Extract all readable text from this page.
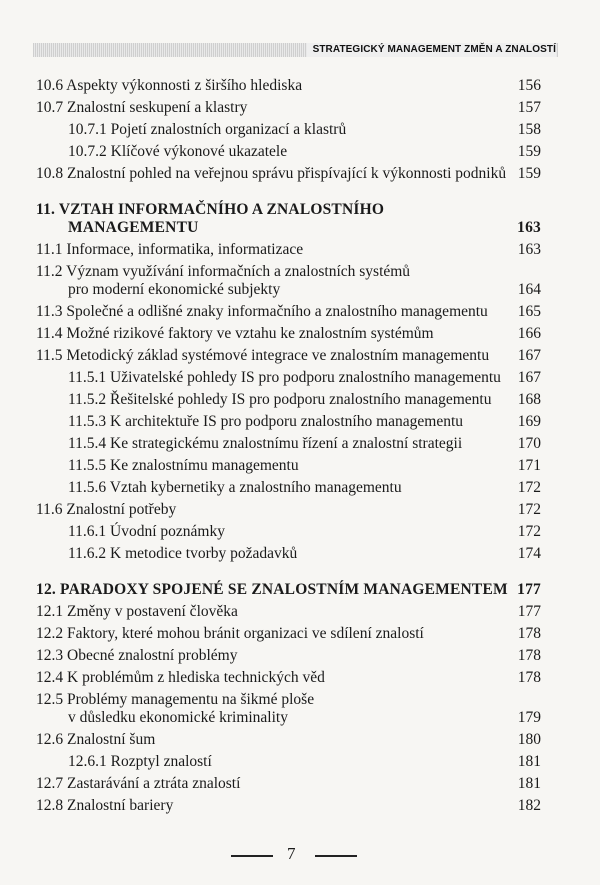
STRATEGICKÝ MANAGEMENT ZMĚN A ZNALOSTÍ
10.6 Aspekty výkonnosti z širšího hlediska	156
10.7 Znalostní seskupení a klastry	157
10.7.1 Pojetí znalostních organizací a klastrů	158
10.7.2 Klíčové výkonové ukazatele	159
10.8 Znalostní pohled na veřejnou správu přispívající k výkonnosti podniků 159
11. VZTAH INFORMAČNÍHO A ZNALOSTNÍHO
MANAGEMENTU	163
11.1 Informace, informatika, informatizace	163
11.2 Význam využívání informačních a znalostních systémů
pro moderní ekonomické subjekty	164
11.3 Společné a odlišné znaky informačního a znalostního managementu 165
11.4 Možné rizikové faktory ve vztahu ke znalostním systémům	166
11.5 Metodický základ systémové integrace ve znalostním managementu 167
11.5.1 Uživatelské pohledy IS pro podporu znalostního managementu 167
11.5.2 Řešitelské pohledy IS pro podporu znalostního managementu 168
11.5.3 K architektuře IS pro podporu znalostního managementu	169
11.5.4 Ke strategickému znalostnímu řízení a znalostní strategii	170
11.5.5 Ke znalostnímu managementu	171
11.5.6 Vztah kybernetiky a znalostního managementu	172
11.6 Znalostní potřeby	172
11.6.1 Úvodní poznámky	172
11.6.2 K metodice tvorby požadavků	174
12. PARADOXY SPOJENÉ SE ZNALOSTNÍM MANAGEMENTEM 177
12.1 Změny v postavení člověka	177
12.2 Faktory, které mohou bránit organizaci ve sdílení znalostí	178
12.3 Obecné znalostní problémy	178
12.4 K problémům z hlediska technických věd	178
12.5 Problémy managementu na šikmé ploše
v důsledku ekonomické kriminality	179
12.6 Znalostní šum	180
12.6.1 Rozptyl znalostí	181
12.7 Zastarávání a ztráta znalostí	181
12.8 Znalostní bariery	182
7
